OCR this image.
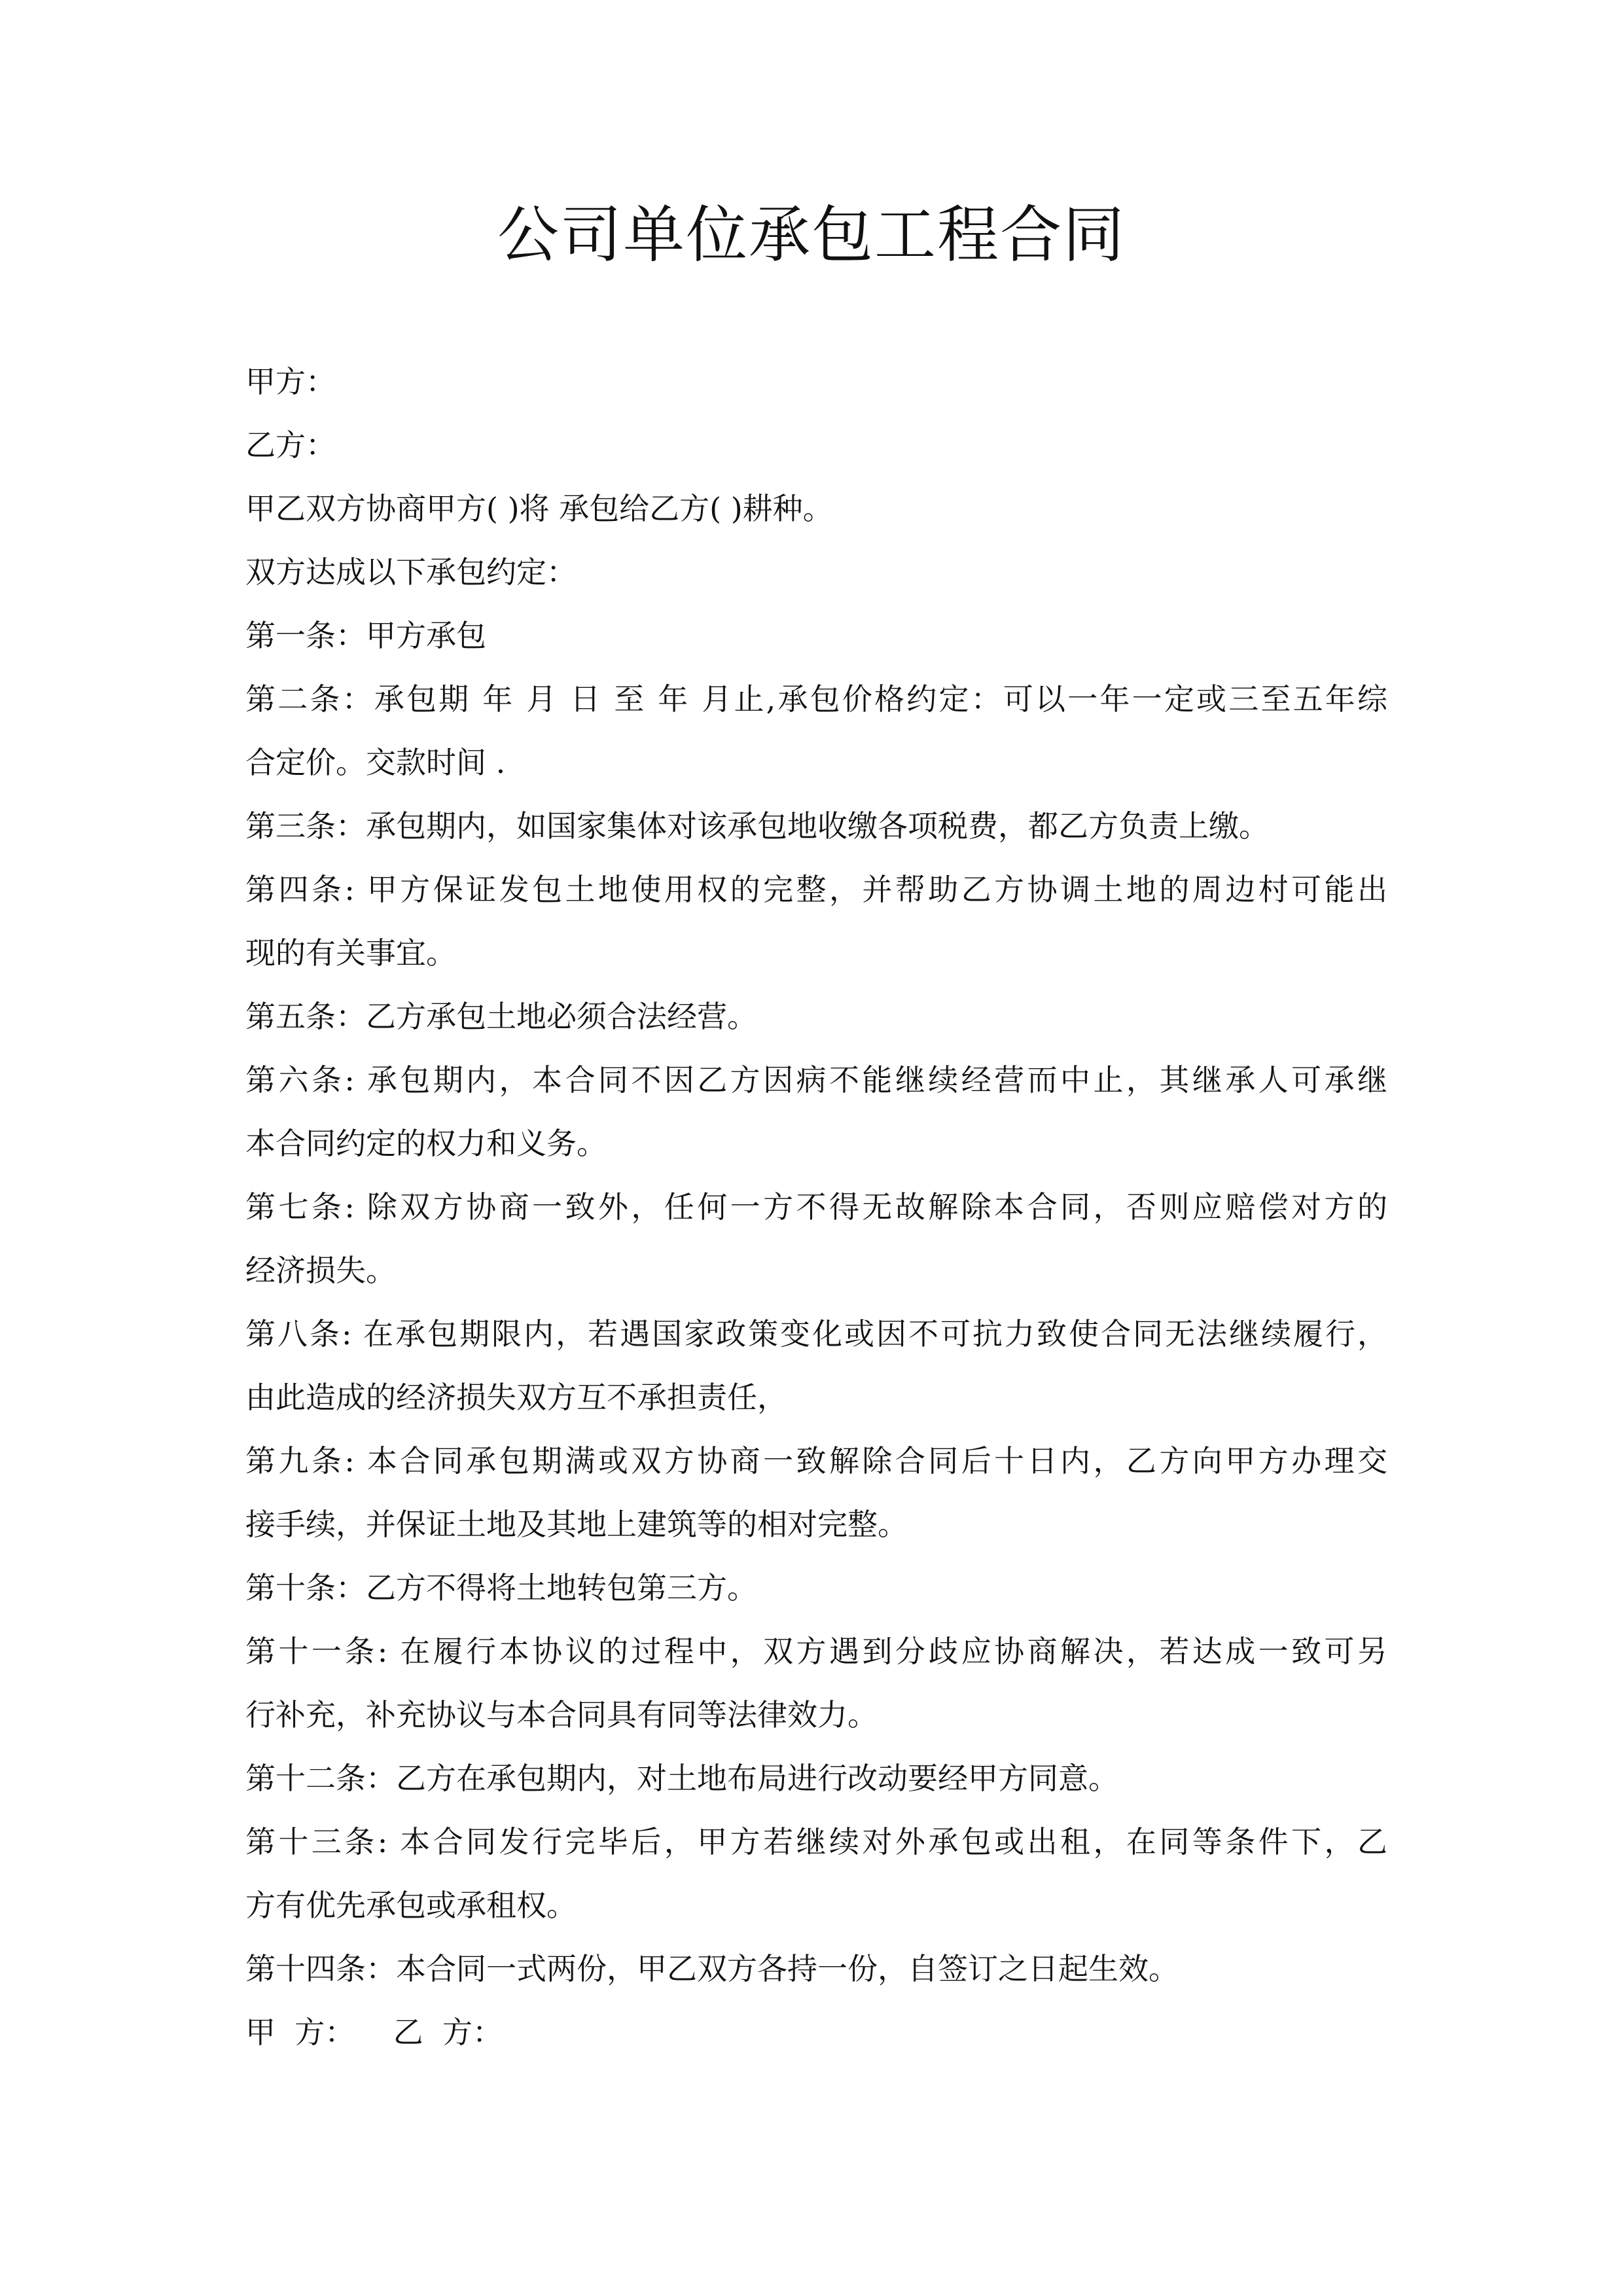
公司单位承包工程合同
甲方：
乙方：
甲乙双方协商甲方( )将 承包给乙方( )耕种。
双方达成以下承包约定：
第一条：甲方承包
第二条：承包期 年 月 日 至 年 月止,承包价格约定：可以一年一定或三至五年综
合定价。交款时间 .
第三条：承包期内，如国家集体对该承包地收缴各项税费，都乙方负责上缴。
第四条: 甲方保证发包土地使用权的完整，并帮助乙方协调土地的周边村可能出
现的有关事宜。
第五条：乙方承包土地必须合法经营。
第六条: 承包期内，本合同不因乙方因病不能继续经营而中止，其继承人可承继
本合同约定的权力和义务。
第七条: 除双方协商一致外，任何一方不得无故解除本合同，否则应赔偿对方的
经济损失。
第八条: 在承包期限内，若遇国家政策变化或因不可抗力致使合同无法继续履行，
由此造成的经济损失双方互不承担责任，
第九条: 本合同承包期满或双方协商一致解除合同后十日内，乙方向甲方办理交
接手续，并保证土地及其地上建筑等的相对完整。
第十条：乙方不得将土地转包第三方。
第十一条: 在履行本协议的过程中，双方遇到分歧应协商解决，若达成一致可另
行补充，补充协议与本合同具有同等法律效力。
第十二条：乙方在承包期内，对土地布局进行改动要经甲方同意。
第十三条: 本合同发行完毕后，甲方若继续对外承包或出租，在同等条件下，乙
方有优先承包或承租权。
第十四条：本合同一式两份，甲乙双方各持一份，自签订之日起生效。
甲  方：    乙  方：
